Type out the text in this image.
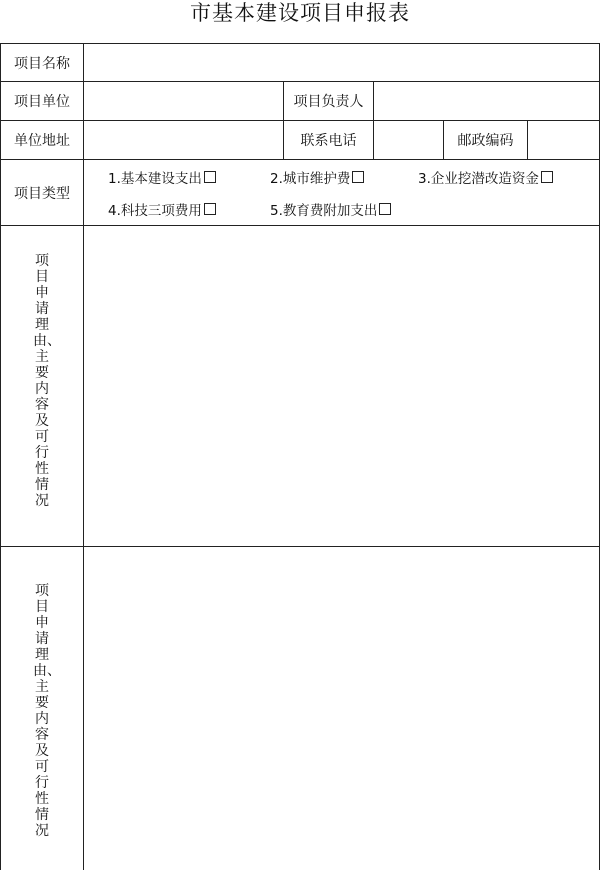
市基本建设项目申报表
项目名称
项目单位	项目负责人
单位地址	联系电话	邮政编码
项目类型
1.基本建设支出	2.城市维护费	3.企业挖潜改造资金
4.科技三项费用	5.教育费附加支出
项目申请理由、主要内容及可行性情况
项目申请理由、主要内容及可行性情况
